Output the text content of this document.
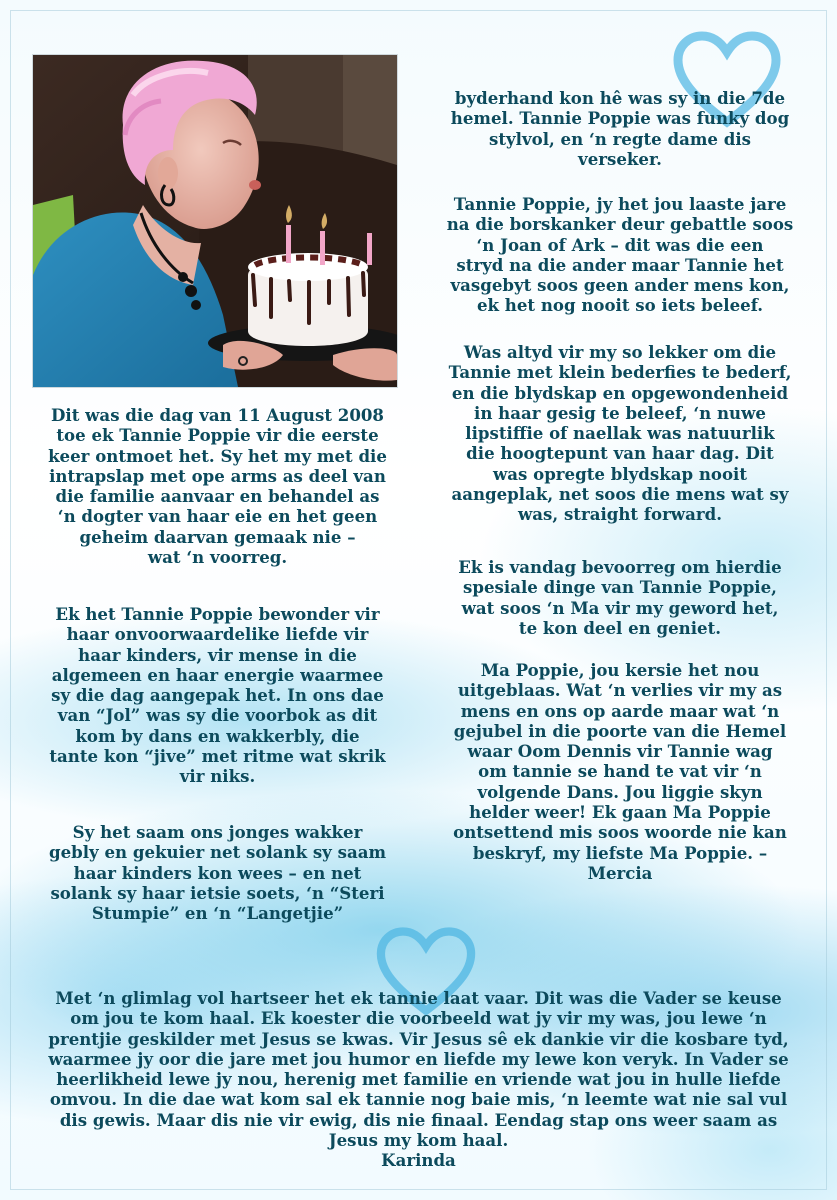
Dit was die dag van 11 August 2008
toe ek Tannie Poppie vir die eerste
keer ontmoet het. Sy het my met die
intrapslap met ope arms as deel van
die familie aanvaar en behandel as
‘n dogter van haar eie en het geen
geheim daarvan gemaak nie –
wat ‘n voorreg.
Ek het Tannie Poppie bewonder vir
haar onvoorwaardelike liefde vir
haar kinders, vir mense in die
algemeen en haar energie waarmee
sy die dag aangepak het. In ons dae
van “Jol” was sy die voorbok as dit
kom by dans en wakkerbly, die
tante kon “jive” met ritme wat skrik
vir niks.
Sy het saam ons jonges wakker
gebly en gekuier net solank sy saam
haar kinders kon wees – en net
solank sy haar ietsie soets, ‘n “Steri
Stumpie” en ‘n “Langetjie”
byderhand kon hê was sy in die 7de
hemel. Tannie Poppie was funky dog
stylvol, en ‘n regte dame dis
verseker.
Tannie Poppie, jy het jou laaste jare
na die borskanker deur gebattle soos
‘n Joan of Ark – dit was die een
stryd na die ander maar Tannie het
vasgebyt soos geen ander mens kon,
ek het nog nooit so iets beleef.
Was altyd vir my so lekker om die
Tannie met klein bederfies te bederf,
en die blydskap en opgewondenheid
in haar gesig te beleef, ‘n nuwe
lipstiffie of naellak was natuurlik
die hoogtepunt van haar dag. Dit
was opregte blydskap nooit
aangeplak, net soos die mens wat sy
was, straight forward.
Ek is vandag bevoorreg om hierdie
spesiale dinge van Tannie Poppie,
wat soos ‘n Ma vir my geword het,
te kon deel en geniet.
Ma Poppie, jou kersie het nou
uitgeblaas. Wat ‘n verlies vir my as
mens en ons op aarde maar wat ‘n
gejubel in die poorte van die Hemel
waar Oom Dennis vir Tannie wag
om tannie se hand te vat vir ‘n
volgende Dans. Jou liggie skyn
helder weer! Ek gaan Ma Poppie
ontsettend mis soos woorde nie kan
beskryf, my liefste Ma Poppie. –
Mercia
Met ‘n glimlag vol hartseer het ek tannie laat vaar. Dit was die Vader se keuse
om jou te kom haal. Ek koester die voorbeeld wat jy vir my was, jou lewe ‘n
prentjie geskilder met Jesus se kwas. Vir Jesus sê ek dankie vir die kosbare tyd,
waarmee jy oor die jare met jou humor en liefde my lewe kon veryk. In Vader se
heerlikheid lewe jy nou, herenig met familie en vriende wat jou in hulle liefde
omvou. In die dae wat kom sal ek tannie nog baie mis, ‘n leemte wat nie sal vul
dis gewis. Maar dis nie vir ewig, dis nie finaal. Eendag stap ons weer saam as
Jesus my kom haal.
Karinda
